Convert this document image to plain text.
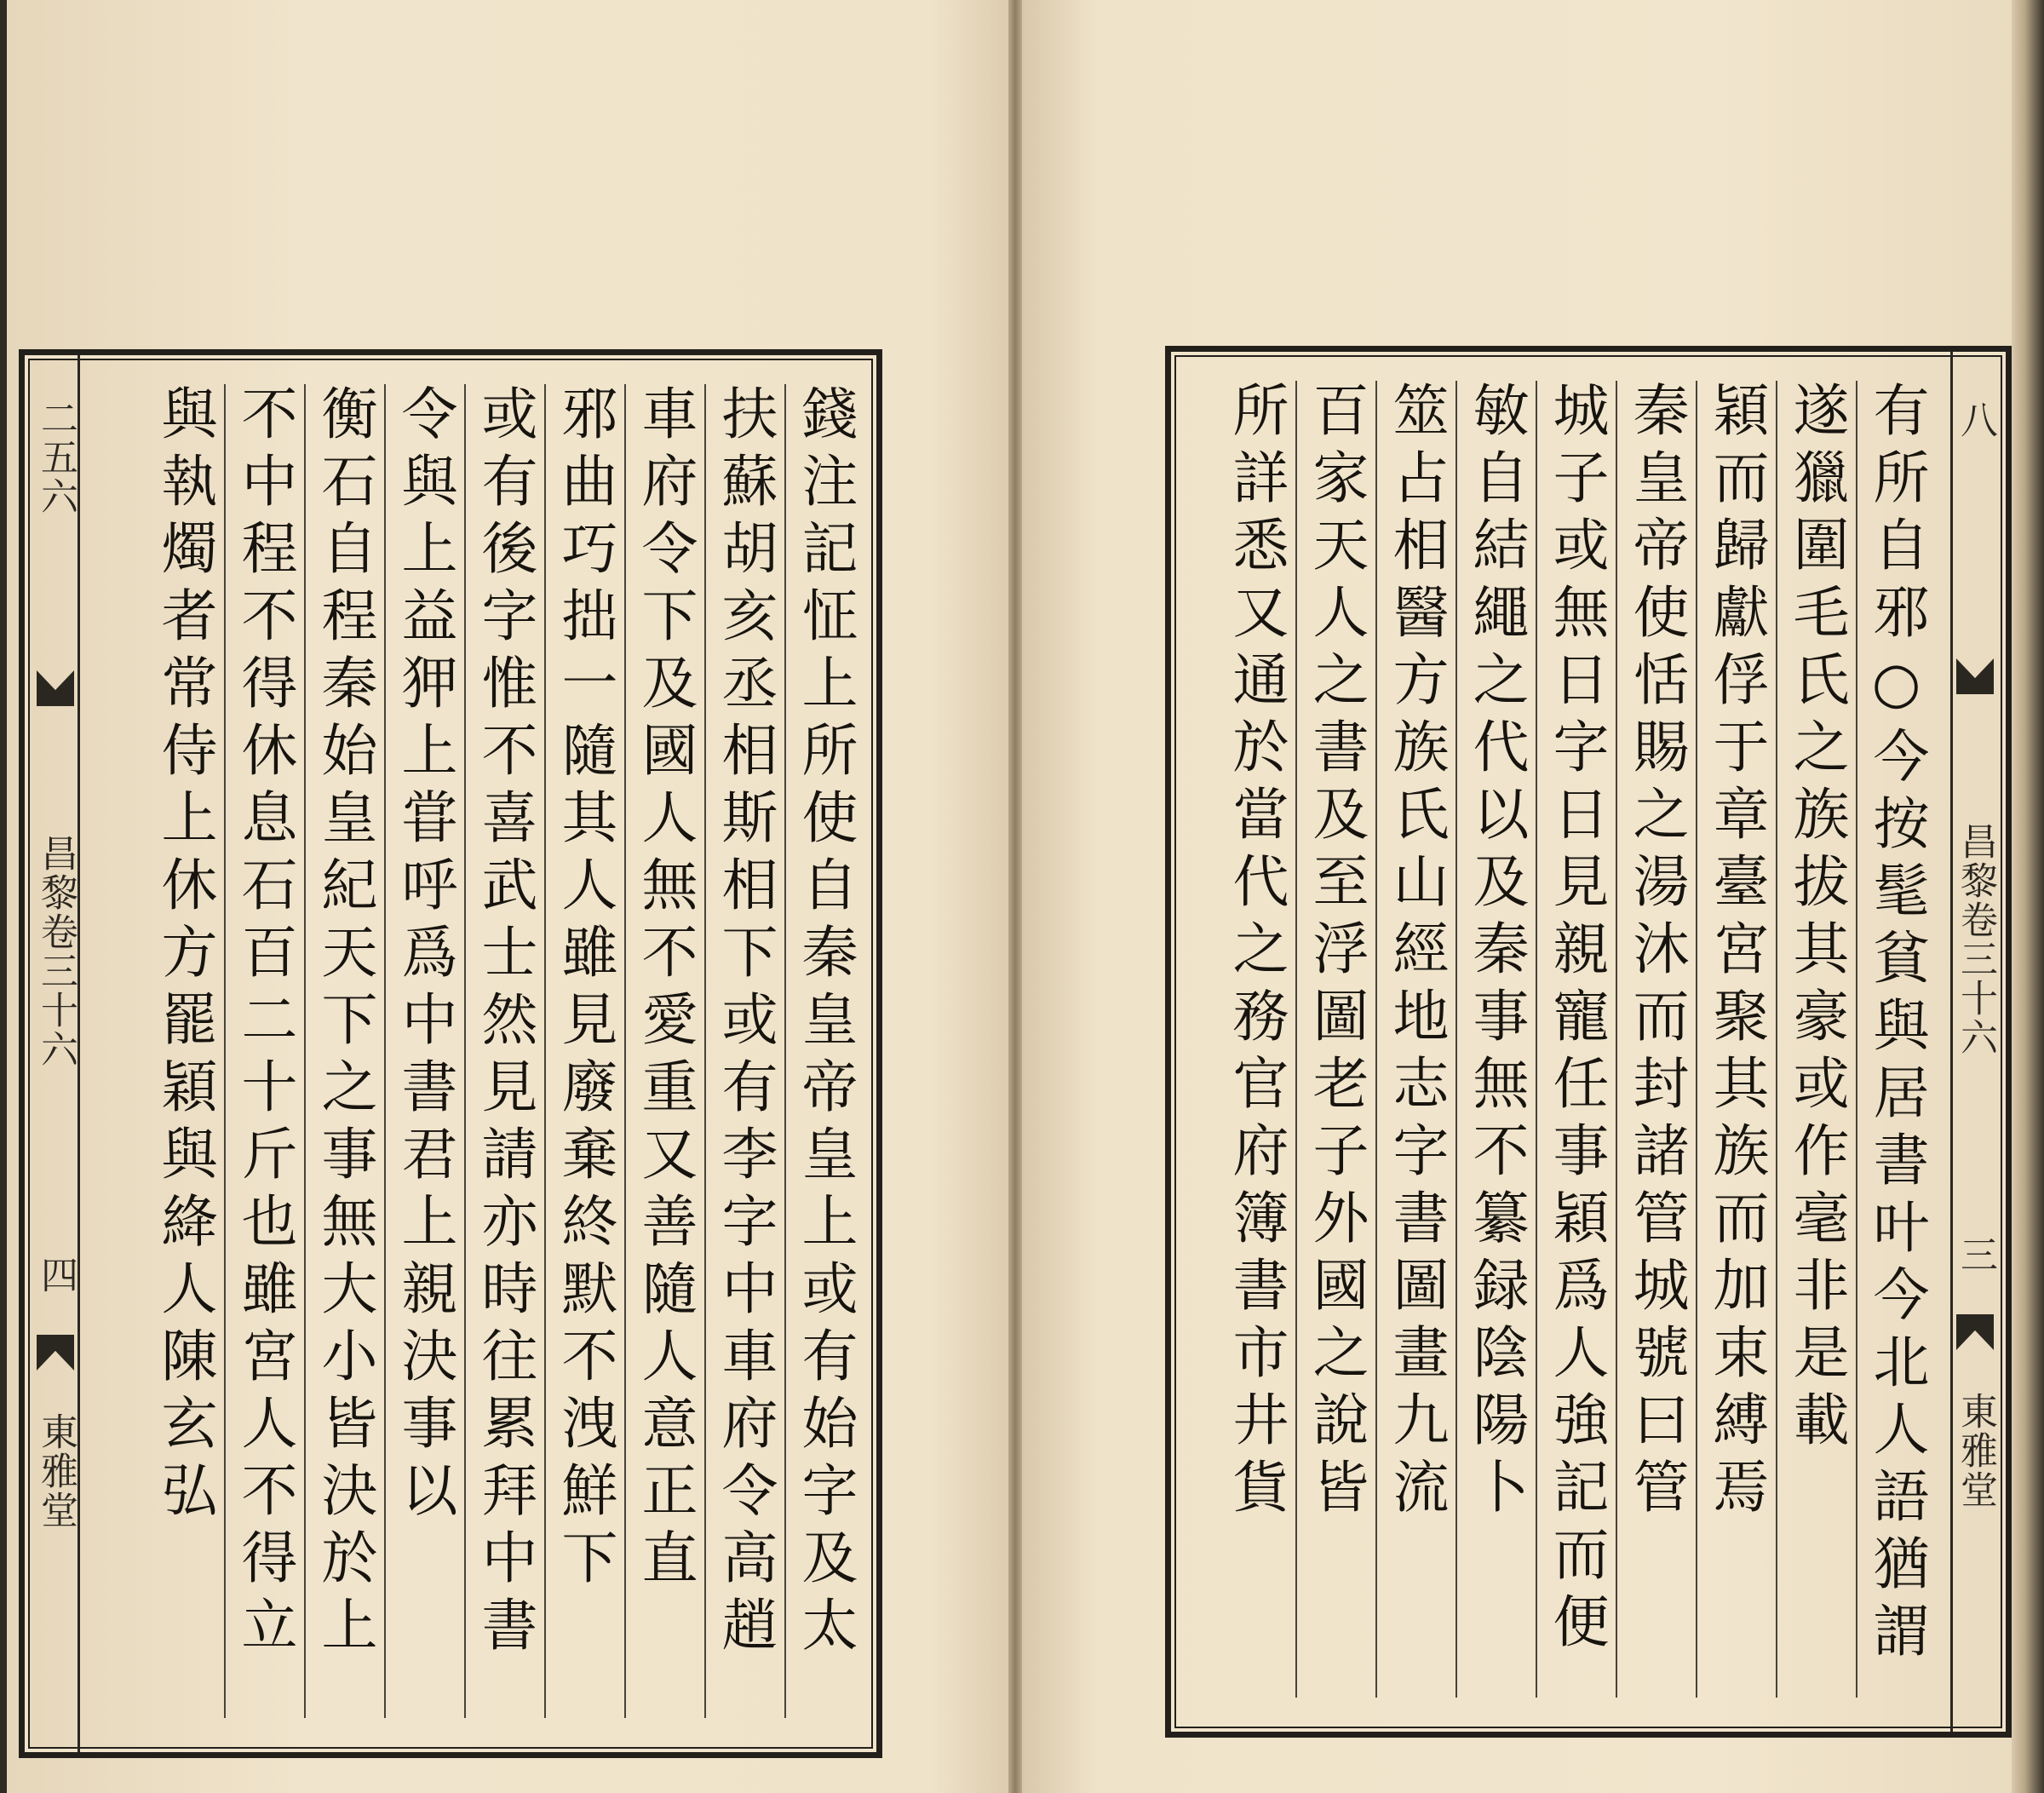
二五六
昌黎卷三十六
四
東雅堂
錢注記怔上所使自秦皇帝皇上或有始字及太
扶蘇胡亥丞相斯相下或有李字中車府令高趙
車府令下及國人無不愛重又善隨人意正直
邪曲巧拙一隨其人雖見廢棄終默不洩鮮下
或有後字惟不喜武士然見請亦時往累拜中書
令與上益狎上甞呼爲中書君上親決事以
衡石自程秦始皇紀天下之事無大小皆決於上
不中程不得休息石百二十斤也雖宮人不得立
與執燭者常侍上休方罷穎與絳人陳玄弘	八
昌黎卷三十六
三
東雅堂
有所自邪○今按髦貧與居書叶今北人語猶謂
遂獵圍毛氏之族拔其豪或作毫非是載
穎而歸獻俘于章臺宮聚其族而加束縛焉
秦皇帝使恬賜之湯沐而封諸管城號曰管
城子或無日字日見親寵任事穎爲人強記而便
敏自結繩之代以及秦事無不纂録陰陽卜
筮占相醫方族氏山經地志字書圖畫九流
百家天人之書及至浮圖老子外國之說皆
所詳悉又通於當代之務官府簿書市井貨
